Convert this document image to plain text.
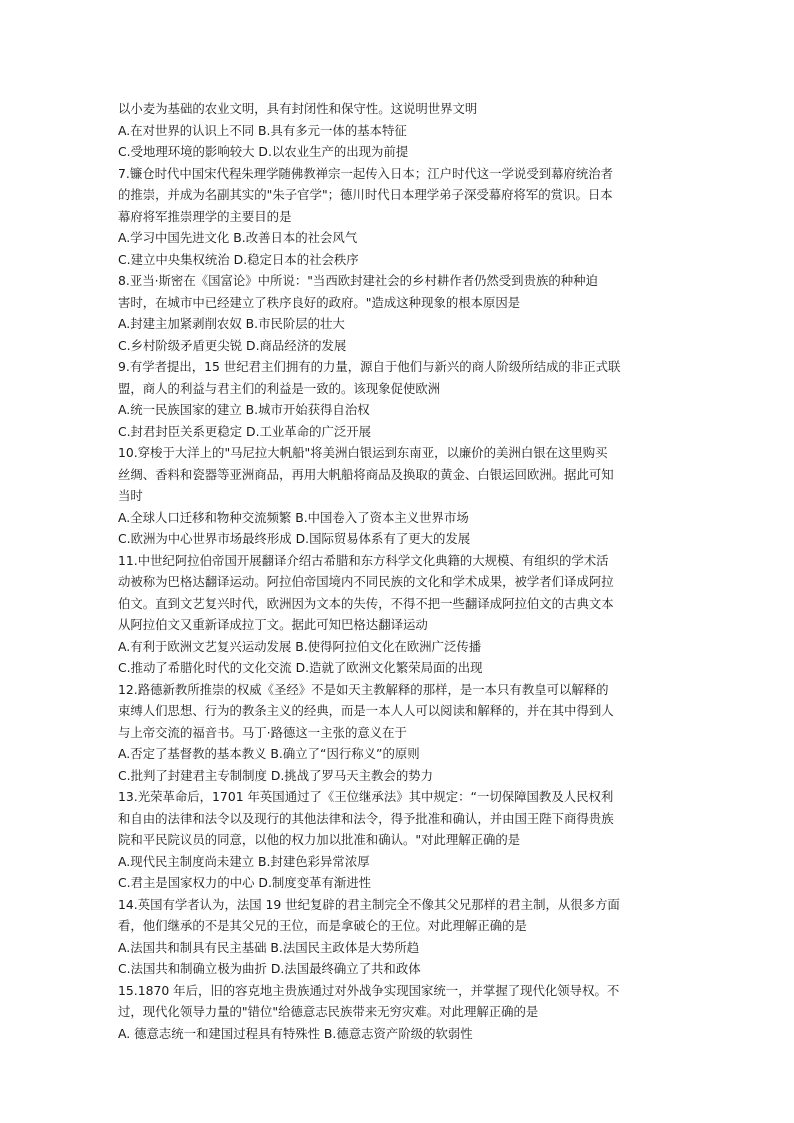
以小麦为基础的农业文明，具有封闭性和保守性。这说明世界文明
A.在对世界的认识上不同 B.具有多元一体的基本特征
C.受地理环境的影响较大 D.以农业生产的出现为前提
7.镰仓时代中国宋代程朱理学随佛教禅宗一起传入日本；江户时代这一学说受到幕府统治者
的推崇，并成为名副其实的"朱子官学"；德川时代日本理学弟子深受幕府将军的赏识。日本
幕府将军推崇理学的主要目的是
A.学习中国先进文化 B.改善日本的社会风气
C.建立中央集权统治 D.稳定日本的社会秩序
8.亚当·斯密在《国富论》中所说："当西欧封建社会的乡村耕作者仍然受到贵族的种种迫
害时，在城市中已经建立了秩序良好的政府。"造成这种现象的根本原因是
A.封建主加紧剥削农奴 B.市民阶层的壮大
C.乡村阶级矛盾更尖锐 D.商品经济的发展
9.有学者提出，15 世纪君主们拥有的力量，源自于他们与新兴的商人阶级所结成的非正式联
盟，商人的利益与君主们的利益是一致的。该现象促使欧洲
A.统一民族国家的建立 B.城市开始获得自治权
C.封君封臣关系更稳定 D.工业革命的广泛开展
10.穿梭于大洋上的"马尼拉大帆船"将美洲白银运到东南亚，以廉价的美洲白银在这里购买
丝绸、香料和瓷器等亚洲商品，再用大帆船将商品及换取的黄金、白银运回欧洲。据此可知
当时
A.全球人口迁移和物种交流频繁 B.中国卷入了资本主义世界市场
C.欧洲为中心世界市场最终形成 D.国际贸易体系有了更大的发展
11.中世纪阿拉伯帝国开展翻译介绍古希腊和东方科学文化典籍的大规模、有组织的学术活
动被称为巴格达翻译运动。阿拉伯帝国境内不同民族的文化和学术成果，被学者们译成阿拉
伯文。直到文艺复兴时代，欧洲因为文本的失传，不得不把一些翻译成阿拉伯文的古典文本
从阿拉伯文又重新译成拉丁文。据此可知巴格达翻译运动
A.有利于欧洲文艺复兴运动发展 B.使得阿拉伯文化在欧洲广泛传播
C.推动了希腊化时代的文化交流 D.造就了欧洲文化繁荣局面的出现
12.路德新教所推崇的权威《圣经》不是如天主教解释的那样，是一本只有教皇可以解释的
束缚人们思想、行为的教条主义的经典，而是一本人人可以阅读和解释的，并在其中得到人
与上帝交流的福音书。马丁·路德这一主张的意义在于
A.否定了基督教的基本教义 B.确立了“因行称义”的原则
C.批判了封建君主专制制度 D.挑战了罗马天主教会的势力
13.光荣革命后，1701 年英国通过了《王位继承法》其中规定：“一切保障国教及人民权利
和自由的法律和法令以及现行的其他法律和法令，得予批准和确认，并由国王陛下商得贵族
院和平民院议员的同意，以他的权力加以批准和确认。"对此理解正确的是
A.现代民主制度尚未建立 B.封建色彩异常浓厚
C.君主是国家权力的中心 D.制度变革有渐进性
14.英国有学者认为，法国 19 世纪复辟的君主制完全不像其父兄那样的君主制，从很多方面
看，他们继承的不是其父兄的王位，而是拿破仑的王位。对此理解正确的是
A.法国共和制具有民主基础 B.法国民主政体是大势所趋
C.法国共和制确立极为曲折 D.法国最终确立了共和政体
15.1870 年后，旧的容克地主贵族通过对外战争实现国家统一，并掌握了现代化领导权。不
过，现代化领导力量的"错位"给德意志民族带来无穷灾难。对此理解正确的是
A. 德意志统一和建国过程具有特殊性 B.德意志资产阶级的软弱性
